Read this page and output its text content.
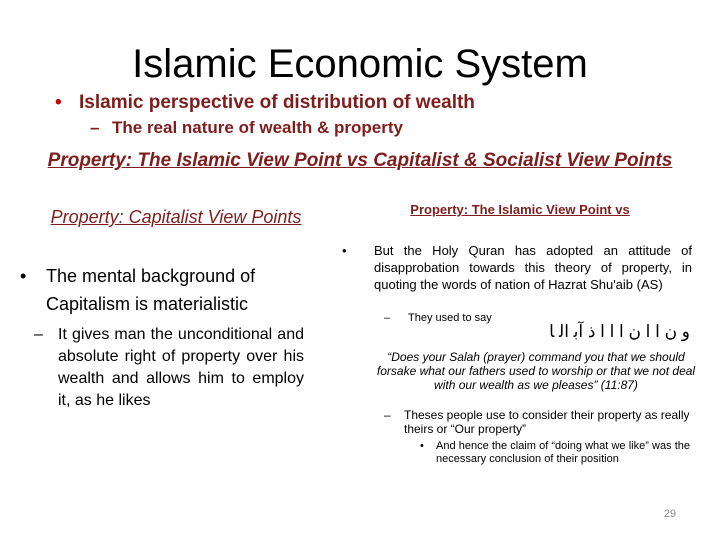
Islamic Economic System
• Islamic perspective of distribution of wealth
– The real nature of wealth & property
Property: The Islamic View Point vs Capitalist & Socialist View Points
Property: Capitalist View Points
•	The mental background of Capitalism is materialistic
– It gives man the unconditional and absolute right of property over his wealth and allows him to employ it, as he likes
Property: The Islamic View Point vs
• But the Holy Quran has adopted an attitude of disapprobation towards this theory of property, in quoting the words of nation of Hazrat Shu'aib (AS)
– They used to say
و ن ا ا ن ا ا ا ذ ﺁﺑ ﺍﻟ ﺎ
“Does your Salah (prayer) command you that we should forsake what our fathers used to worship or that we not deal with our wealth as we pleases” (11:87)
– Theses people use to consider their property as really theirs or “Our property”
• And hence the claim of “doing what we like” was the necessary conclusion of their position
29
